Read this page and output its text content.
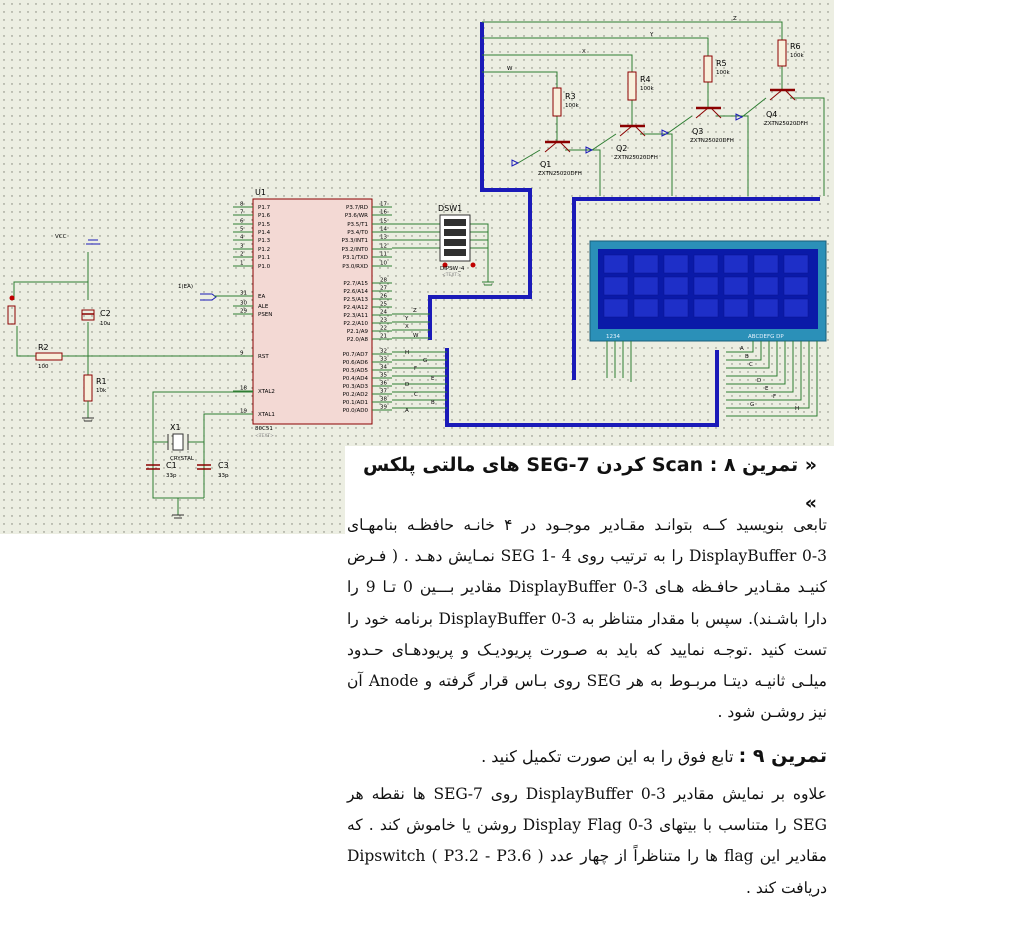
R3
100k
R4
100k
R5
100k
R6
100k
Q1
ZXTN25020DFH
Q2
ZXTN25020DFH
Q3
ZXTN25020DFH
Q4
ZXTN25020DFH
Z
Y
X
W
U1
80C51
<TEXT>
8
P1.7
7
P1.6
6
P1.5
5
P1.4
4
P1.3
3
P1.2
2
P1.1
1
P1.0
31
EA
30
ALE
29
PSEN
9
RST
18
XTAL2
19
XTAL1
17
P3.7/RD
16
P3.6/WR
15
P3.5/T1
14
P3.4/T0
13
P3.3/INT1
12
P3.2/INT0
11
P3.1/TXD
10
P3.0/RXD
28
P2.7/A15
27
P2.6/A14
26
P2.5/A13
25
P2.4/A12
24
P2.3/A11
23
P2.2/A10
22
P2.1/A9
21
P2.0/A8
32
P0.7/AD7
33
P0.6/AD6
34
P0.5/AD5
35
P0.4/AD4
36
P0.3/AD3
37
P0.2/AD2
38
P0.1/AD1
39
P0.0/AD0
Z
Y
X
W
H
G
F
E
D
C
B
A
DSW1
DIPSW_4
<TEXT>
1234	ABCDEFG DP
A
B
C
D
E
F
G
H
C2
10u
R2
100
R1
10k
VCC
1(EA)
X1
CRYSTAL
C1
33p
C3
33p	« تمرین ۸ : Scan کردن 7-SEG های مالتی پلکس »

تابعی بنویسید کــه بتوانـد مقـادیر موجـود در ۴ خانـه حافظـه بنامهـای DisplayBuffer 0-3 را به ترتیب روی SEG 1- 4 نمـایش دهـد . ( فـرض کنیـد مقـادیر حافـظه هـای DisplayBuffer 0-3 مقادیر بـــین 0 تـا 9 را دارا باشـند). سپس با مقدار متناظر به DisplayBuffer 0-3 برنامه خود را تست کنید .توجـه نمایید که باید به صـورت پریودیـک و پریودهـای حـدود میلـی ثانیـه دیتـا مربـوط به هر SEG روی بـاس قرار گرفته و Anode آن نیز روشـن شود .

تمرین ۹ : تابع فوق را به این صورت تکمیل کنید .

علاوه بر نمایش مقادیر DisplayBuffer 0-3 روی 7-SEG ها نقطه هر SEG را متناسب با بیتهای Display Flag 0-3 روشن یا خاموش کند . که مقادیر این flag ها را متناظراً از چهار عدد Dipswitch ( P3.2 - P3.6 ) دریافت کند .
